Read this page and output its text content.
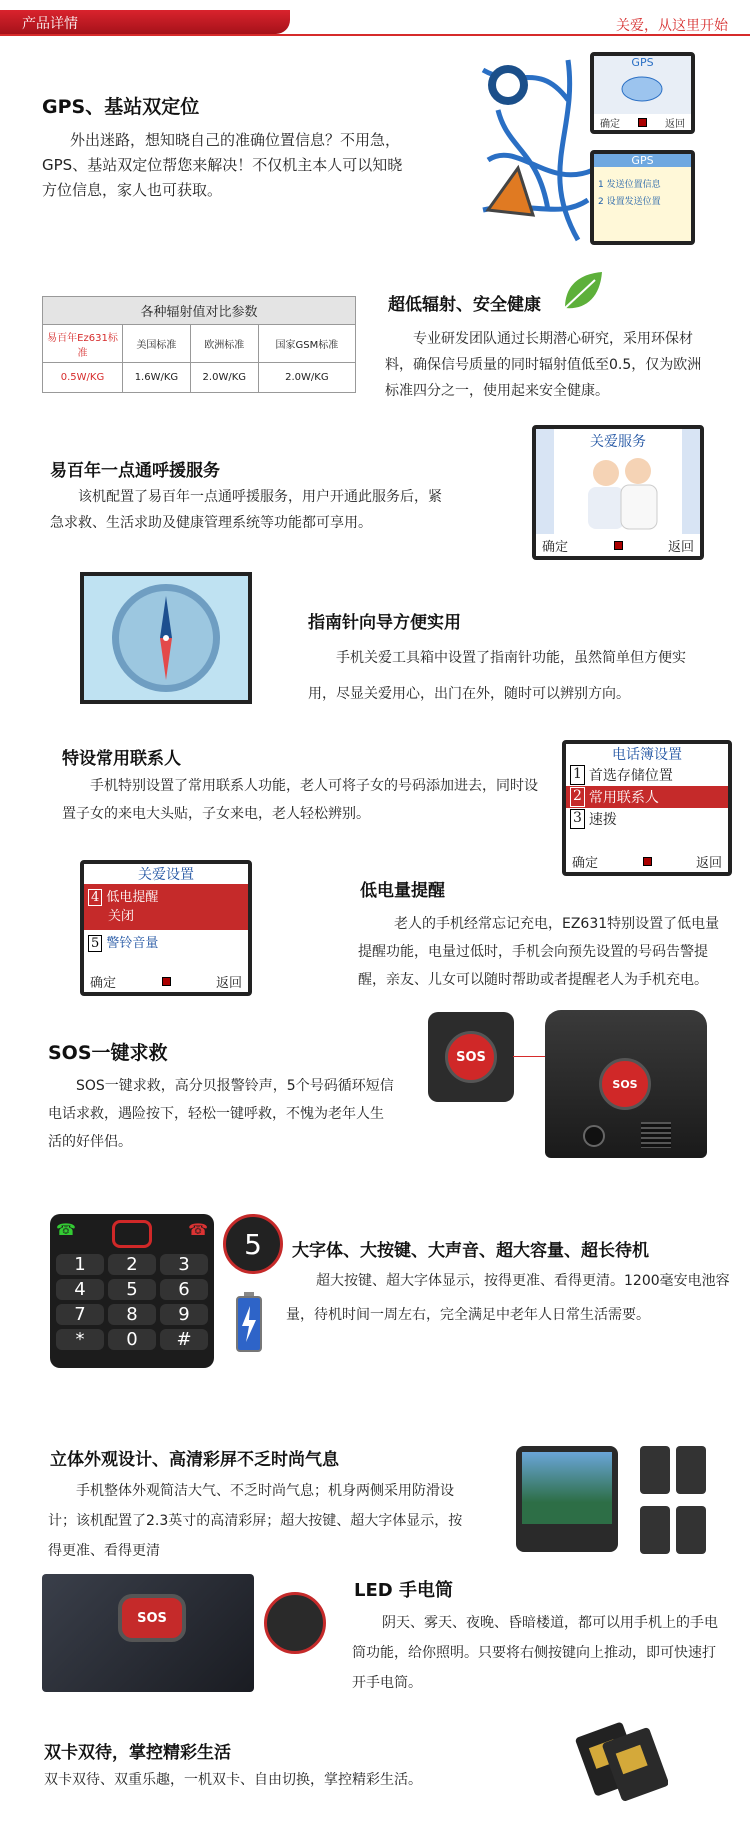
产品详情	关爱，从这里开始
GPS、基站双定位
外出迷路，想知晓自己的准确位置信息？不用急，GPS、基站双定位帮您来解决！不仅机主本人可以知晓方位信息，家人也可获取。
GPS
确定	返回
GPS
1 发送位置信息
2 设置发送位置
各种辐射值对比参数			
易百年Ez631标准	美国标准	欧洲标准	国家GSM标准
0.5W/KG	1.6W/KG	2.0W/KG	2.0W/KG
超低辐射、安全健康
专业研发团队通过长期潜心研究，采用环保材料，确保信号质量的同时辐射值低至0.5，仅为欧洲标准四分之一，使用起来安全健康。
易百年一点通呼援服务
该机配置了易百年一点通呼援服务，用户开通此服务后，紧急求救、生活求助及健康管理系统等功能都可享用。
关爱服务
确定	返回
指南针向导方便实用
手机关爱工具箱中设置了指南针功能，虽然简单但方便实用，尽显关爱用心，出门在外，随时可以辨别方向。
特设常用联系人
手机特别设置了常用联系人功能，老人可将子女的号码添加进去，同时设置子女的来电大头贴，子女来电，老人轻松辨别。
电话簿设置
1 首选存储位置
2 常用联系人
3 速拨
确定	返回
关爱设置
4 低电提醒
关闭
5 警铃音量
确定	返回
低电量提醒
老人的手机经常忘记充电，EZ631特别设置了低电量提醒功能，电量过低时，手机会向预先设置的号码告警提醒，亲友、儿女可以随时帮助或者提醒老人为手机充电。
SOS一键求救
SOS一键求救，高分贝报警铃声，5个号码循环短信电话求救，遇险按下，轻松一键呼救，不愧为老年人生活的好伴侣。
SOS
SOS
☎	☎
1	2	3
4	5	6
7	8	9
*	0	#
5	大字体、大按键、大声音、超大容量、超长待机
超大按键、超大字体显示，按得更准、看得更清。1200毫安电池容量，待机时间一周左右，完全满足中老年人日常生活需要。
立体外观设计、高清彩屏不乏时尚气息
手机整体外观简洁大气、不乏时尚气息；机身两侧采用防滑设计；该机配置了2.3英寸的高清彩屏；超大按键、超大字体显示，按得更准、看得更清
SOS
LED 手电筒
阴天、雾天、夜晚、昏暗楼道，都可以用手机上的手电筒功能，给你照明。只要将右侧按键向上推动，即可快速打开手电筒。
双卡双待，掌控精彩生活
双卡双待、双重乐趣，一机双卡、自由切换，掌控精彩生活。
